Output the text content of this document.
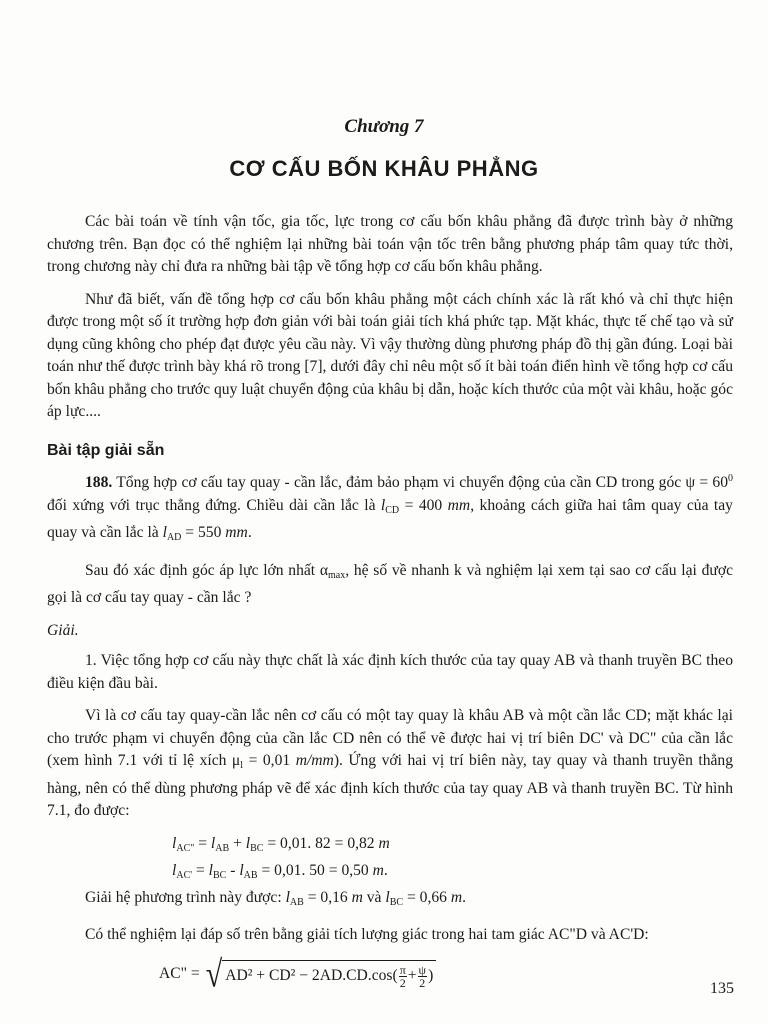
Chương 7
CƠ CẤU BỐN KHÂU PHẲNG

Các bài toán về tính vận tốc, gia tốc, lực trong cơ cấu bốn khâu phẳng đã được trình bày ở những chương trên. Bạn đọc có thể nghiệm lại những bài toán vận tốc trên bằng phương pháp tâm quay tức thời, trong chương này chỉ đưa ra những bài tập về tổng hợp cơ cấu bốn khâu phẳng.

Như đã biết, vấn đề tổng hợp cơ cấu bốn khâu phẳng một cách chính xác là rất khó và chỉ thực hiện được trong một số ít trường hợp đơn giản với bài toán giải tích khá phức tạp. Mặt khác, thực tế chế tạo và sử dụng cũng không cho phép đạt được yêu cầu này. Vì vậy thường dùng phương pháp đồ thị gần đúng. Loại bài toán như thế được trình bày khá rõ trong [7], dưới đây chỉ nêu một số ít bài toán điển hình về tổng hợp cơ cấu bốn khâu phẳng cho trước quy luật chuyển động của khâu bị dẫn, hoặc kích thước của một vài khâu, hoặc góc áp lực....

Bài tập giải sẵn

188. Tổng hợp cơ cấu tay quay - cần lắc, đảm bảo phạm vi chuyển động của cần CD trong góc $\psi = 60^0$ đối xứng với trục thẳng đứng. Chiều dài cần lắc là $l_{CD} = 400$ mm, khoảng cách giữa hai tâm quay của tay quay và cần lắc là $l_{AD} = 550$ mm.

Sau đó xác định góc áp lực lớn nhất $\alpha_{max}$, hệ số về nhanh k và nghiệm lại xem tại sao cơ cấu lại được gọi là cơ cấu tay quay - cần lắc ?

Giải.

1. Việc tổng hợp cơ cấu này thực chất là xác định kích thước của tay quay AB và thanh truyền BC theo điều kiện đầu bài.

Vì là cơ cấu tay quay-cần lắc nên cơ cấu có một tay quay là khâu AB và một cần lắc CD; mặt khác lại cho trước phạm vi chuyển động của cần lắc CD nên có thể vẽ được hai vị trí biên DC' và DC" của cần lắc (xem hình 7.1 với tỉ lệ xích $\mu_l = 0,01$ m/mm). Ứng với hai vị trí biên này, tay quay và thanh truyền thẳng hàng, nên có thể dùng phương pháp vẽ để xác định kích thước của tay quay AB và thanh truyền BC. Từ hình 7.1, đo được:

$l_{AC"} = l_{AB} + l_{BC} = 0,01$. 82 = 0,82 m
$l_{AC'} = l_{BC} - l_{AB} = 0,01$. 50 = 0,50 m.

Giải hệ phương trình này được: $l_{AB} = 0,16$ m và $l_{BC} = 0,66$ m.

Có thể nghiệm lại đáp số trên bằng giải tích lượng giác trong hai tam giác AC"D và AC'D:

AC" = √ $AD^2 + CD^2 - 2AD.CD.\cos( \frac{\pi}{2} + \frac{\psi}{2}$ )
135
